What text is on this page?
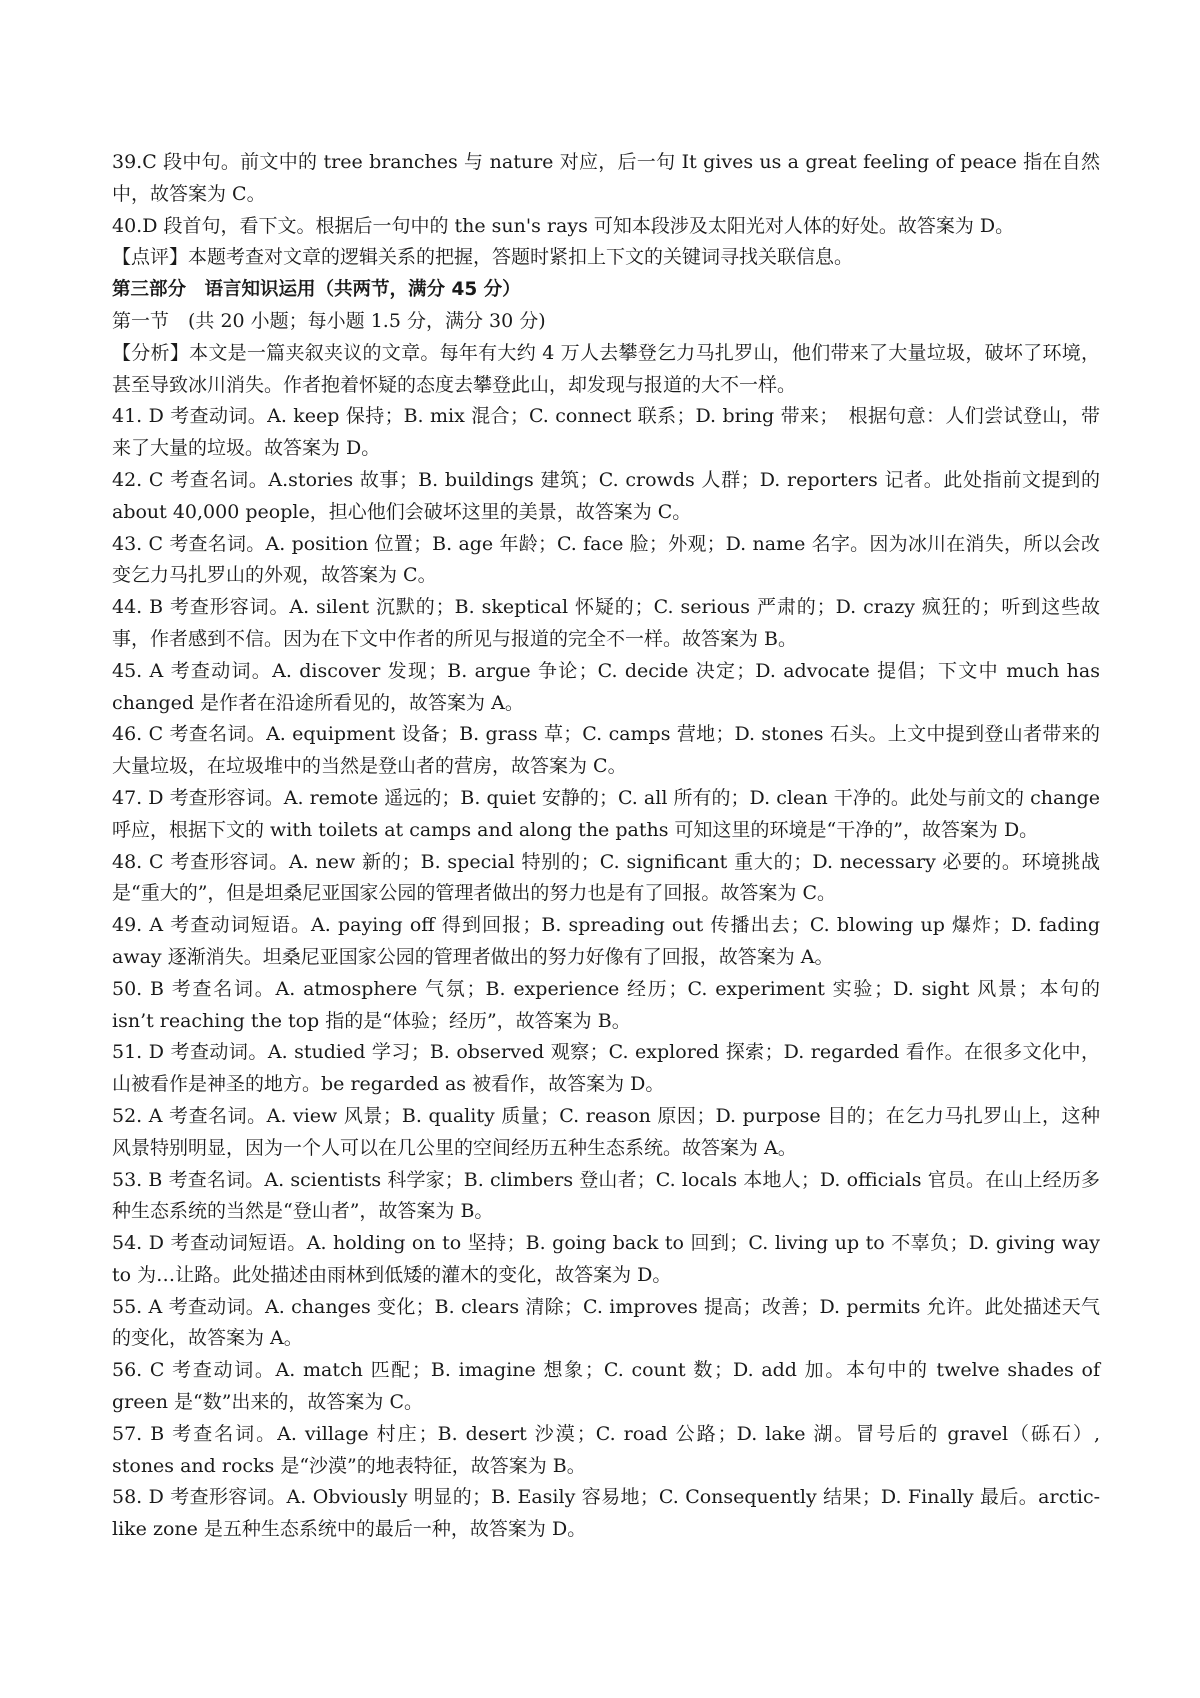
39.C 段中句。前文中的 tree branches 与 nature 对应，后一句 It gives us a great feeling of peace 指在自然中，故答案为 C。

40.D 段首句，看下文。根据后一句中的 the sun's rays 可知本段涉及太阳光对人体的好处。故答案为 D。

【点评】本题考查对文章的逻辑关系的把握，答题时紧扣上下文的关键词寻找关联信息。

第三部分　语言知识运用（共两节，满分 45 分）

第一节　(共 20 小题；每小题 1.5 分，满分 30 分)

【分析】本文是一篇夹叙夹议的文章。每年有大约 4 万人去攀登乞力马扎罗山，他们带来了大量垃圾，破坏了环境，甚至导致冰川消失。作者抱着怀疑的态度去攀登此山，却发现与报道的大不一样。

41. D 考查动词。A. keep 保持；B. mix 混合；C. connect 联系；D. bring 带来；　根据句意：人们尝试登山，带来了大量的垃圾。故答案为 D。

42. C 考查名词。A.stories 故事；B. buildings 建筑；C. crowds 人群；D. reporters 记者。此处指前文提到的 about 40,000 people，担心他们会破坏这里的美景，故答案为 C。

43. C 考查名词。A. position 位置；B. age 年龄；C. face 脸；外观；D. name 名字。因为冰川在消失，所以会改变乞力马扎罗山的外观，故答案为 C。

44. B 考查形容词。A. silent 沉默的；B. skeptical 怀疑的；C. serious 严肃的；D. crazy 疯狂的；听到这些故事，作者感到不信。因为在下文中作者的所见与报道的完全不一样。故答案为 B。

45. A 考查动词。A. discover 发现；B. argue 争论；C. decide 决定；D. advocate 提倡；下文中 much has changed 是作者在沿途所看见的，故答案为 A。

46. C 考查名词。A. equipment 设备；B. grass 草；C. camps 营地；D. stones 石头。上文中提到登山者带来的大量垃圾，在垃圾堆中的当然是登山者的营房，故答案为 C。

47. D 考查形容词。A. remote 遥远的；B. quiet 安静的；C. all 所有的；D. clean 干净的。此处与前文的 change 呼应，根据下文的 with toilets at camps and along the paths 可知这里的环境是“干净的”，故答案为 D。

48. C 考查形容词。A. new 新的；B. special 特别的；C. significant 重大的；D. necessary 必要的。环境挑战是“重大的”，但是坦桑尼亚国家公园的管理者做出的努力也是有了回报。故答案为 C。

49. A 考查动词短语。A. paying off 得到回报；B. spreading out 传播出去；C. blowing up 爆炸；D. fading away 逐渐消失。坦桑尼亚国家公园的管理者做出的努力好像有了回报，故答案为 A。

50. B 考查名词。A. atmosphere 气氛；B. experience 经历；C. experiment 实验；D. sight 风景；本句的 isn’t reaching the top 指的是“体验；经历”，故答案为 B。

51. D 考查动词。A. studied 学习；B. observed 观察；C. explored 探索；D. regarded 看作。在很多文化中，山被看作是神圣的地方。be regarded as 被看作，故答案为 D。

52. A 考查名词。A. view 风景；B. quality 质量；C. reason 原因；D. purpose 目的；在乞力马扎罗山上，这种风景特别明显，因为一个人可以在几公里的空间经历五种生态系统。故答案为 A。

53. B 考查名词。A. scientists 科学家；B. climbers 登山者；C. locals 本地人；D. officials 官员。在山上经历多种生态系统的当然是“登山者”，故答案为 B。

54. D 考查动词短语。A. holding on to 坚持；B. going back to 回到；C. living up to 不辜负；D. giving way to 为…让路。此处描述由雨林到低矮的灌木的变化，故答案为 D。

55. A 考查动词。A. changes 变化；B. clears 清除；C. improves 提高；改善；D. permits 允许。此处描述天气的变化，故答案为 A。

56. C 考查动词。A. match 匹配；B. imagine 想象；C. count 数；D. add 加。本句中的 twelve shades of green 是“数”出来的，故答案为 C。

57. B 考查名词。A. village 村庄；B. desert 沙漠；C. road 公路；D. lake 湖。冒号后的 gravel（砾石）, stones and rocks 是“沙漠”的地表特征，故答案为 B。

58. D 考查形容词。A. Obviously 明显的；B. Easily 容易地；C. Consequently 结果；D. Finally 最后。arctic-like zone 是五种生态系统中的最后一种，故答案为 D。
